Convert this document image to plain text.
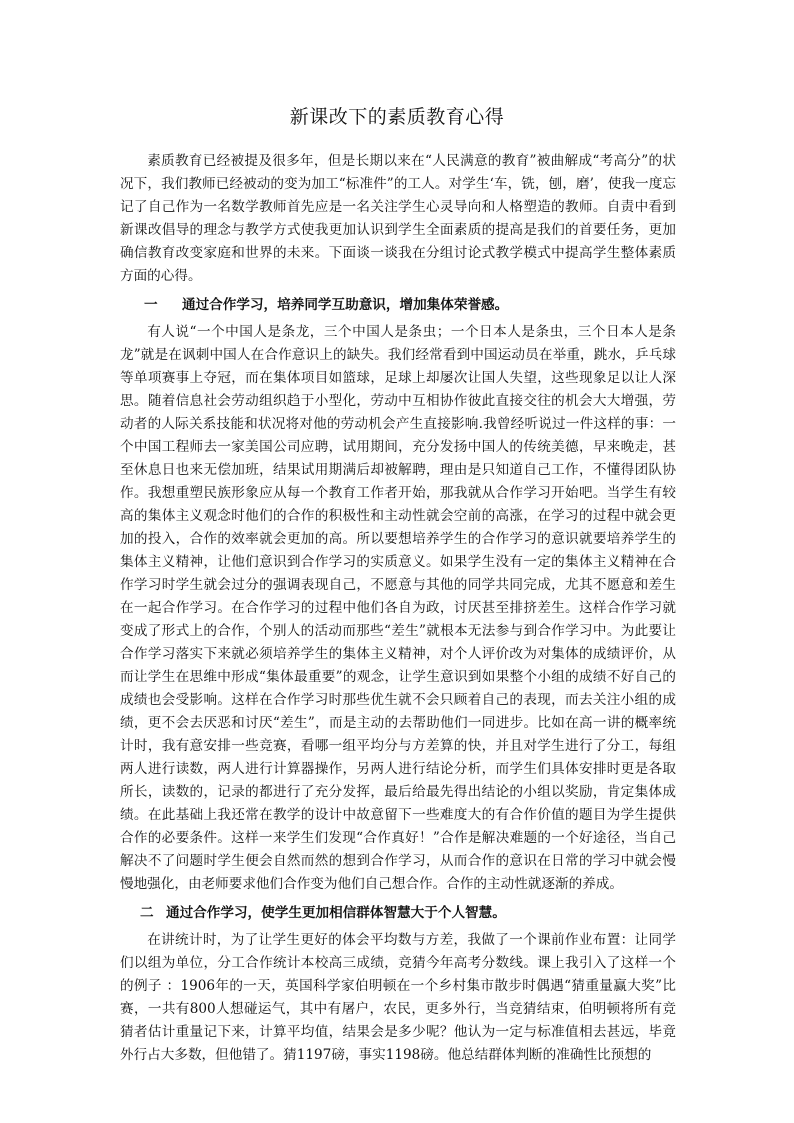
新课改下的素质教育心得

素质教育已经被提及很多年，但是长期以来在“人民满意的教育”被曲解成“考高分”的状况下，我们教师已经被动的变为加工“标准件”的工人。对学生‘车，铣，刨，磨’，使我一度忘记了自己作为一名数学教师首先应是一名关注学生心灵导向和人格塑造的教师。自责中看到新课改倡导的理念与教学方式使我更加认识到学生全面素质的提高是我们的首要任务，更加确信教育改变家庭和世界的未来。下面谈一谈我在分组讨论式教学模式中提高学生整体素质方面的心得。

一 通过合作学习，培养同学互助意识，增加集体荣誉感。

有人说“一个中国人是条龙，三个中国人是条虫；一个日本人是条虫，三个日本人是条龙”就是在讽刺中国人在合作意识上的缺失。我们经常看到中国运动员在举重，跳水，乒乓球等单项赛事上夺冠，而在集体项目如篮球，足球上却屡次让国人失望，这些现象足以让人深思。随着信息社会劳动组织趋于小型化，劳动中互相协作彼此直接交往的机会大大增强，劳动者的人际关系技能和状况将对他的劳动机会产生直接影响.我曾经听说过一件这样的事：一个中国工程师去一家美国公司应聘，试用期间，充分发扬中国人的传统美德，早来晚走，甚至休息日也来无偿加班，结果试用期满后却被解聘，理由是只知道自己工作，不懂得团队协作。我想重塑民族形象应从每一个教育工作者开始，那我就从合作学习开始吧。当学生有较高的集体主义观念时他们的合作的积极性和主动性就会空前的高涨，在学习的过程中就会更加的投入，合作的效率就会更加的高。所以要想培养学生的合作学习的意识就要培养学生的集体主义精神，让他们意识到合作学习的实质意义。如果学生没有一定的集体主义精神在合作学习时学生就会过分的强调表现自己，不愿意与其他的同学共同完成，尤其不愿意和差生在一起合作学习。在合作学习的过程中他们各自为政，讨厌甚至排挤差生。这样合作学习就变成了形式上的合作，个别人的活动而那些“差生”就根本无法参与到合作学习中。为此要让合作学习落实下来就必须培养学生的集体主义精神，对个人评价改为对集体的成绩评价，从而让学生在思维中形成“集体最重要”的观念，让学生意识到如果整个小组的成绩不好自己的成绩也会受影响。这样在合作学习时那些优生就不会只顾着自己的表现，而去关注小组的成绩，更不会去厌恶和讨厌“差生”，而是主动的去帮助他们一同进步。比如在高一讲的概率统计时，我有意安排一些竞赛，看哪一组平均分与方差算的快，并且对学生进行了分工，每组两人进行读数，两人进行计算器操作，另两人进行结论分析，而学生们具体安排时更是各取所长，读数的，记录的都进行了充分发挥，最后给最先得出结论的小组以奖励，肯定集体成绩。在此基础上我还常在教学的设计中故意留下一些难度大的有合作价值的题目为学生提供合作的必要条件。这样一来学生们发现“合作真好！”合作是解决难题的一个好途径，当自己解决不了问题时学生便会自然而然的想到合作学习，从而合作的意识在日常的学习中就会慢慢地强化，由老师要求他们合作变为他们自己想合作。合作的主动性就逐渐的养成。

二 通过合作学习，使学生更加相信群体智慧大于个人智慧。

在讲统计时，为了让学生更好的体会平均数与方差，我做了一个课前作业布置：让同学们以组为单位，分工合作统计本校高三成绩，竞猜今年高考分数线。课上我引入了这样一个的例子 ：1906年的一天，英国科学家伯明顿在一个乡村集市散步时偶遇“猜重量赢大奖”比赛，一共有800人想碰运气，其中有屠户，农民，更多外行，当竞猜结束，伯明顿将所有竞猜者估计重量记下来，计算平均值，结果会是多少呢？他认为一定与标准值相去甚远，毕竟外行占大多数，但他错了。猜1197磅，事实1198磅。他总结群体判断的准确性比预想的
